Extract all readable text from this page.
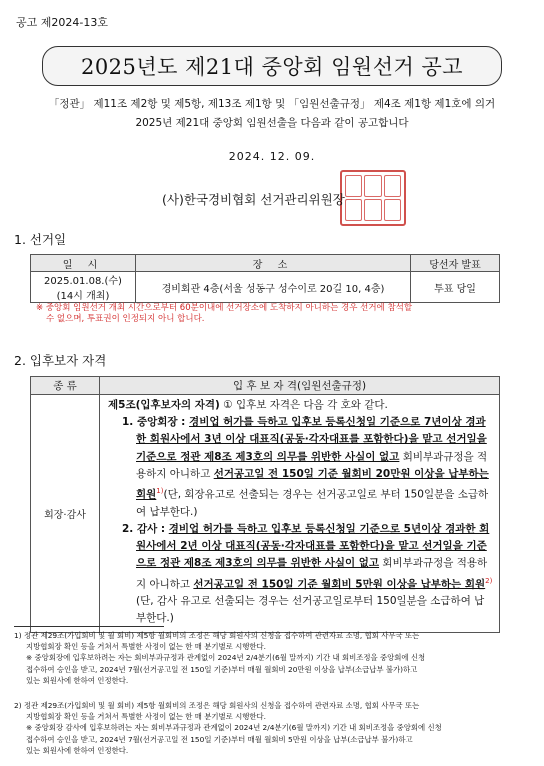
공고 제2024-13호
2025년도 제21대 중앙회 임원선거 공고
「정관」 제11조 제2항 및 제5항, 제13조 제1항 및 「임원선출규정」 제4조 제1항 제1호에 의거
2025년 제21대 중앙회 임원선출을 다음과 같이 공고합니다
2024. 12. 09.
(사)한국경비협회 선거관리위원장
1. 선거일
일 시	장 소	당선자 발표

2025.01.08.(수)
(14시 개최)	경비회관 4층(서울 성동구 성수이로 20길 10, 4층)	투표 당일
※ 중앙회 임원선거 개최 시간으로부터 60분이내에 선거장소에 도착하지 아니하는 경우 선거에 참석할
수 없으며, 투표권이 인정되지 아니 합니다.
2. 입후보자 자격
종 류	입 후 보 자 격(임원선출규정)
회장·감사	제5조(입후보자의 자격) ① 입후보 자격은 다음 각 호와 같다.
1. 중앙회장 : 경비업 허가를 득하고 입후보 등록신청일 기준으로 7년이상 경과한 회원사에서 3년 이상 대표직(공동·각자대표를 포함한다)을 맡고 선거일을 기준으로 정관 제8조 제3호의 의무를 위반한 사실이 없고 회비부과규정을 적용하지 아니하고 선거공고일 전 150일 기준 월회비 20만원 이상을 납부하는 회원$^{1)}$(단, 회장유고로 선출되는 경우는 선거공고일로 부터 150일분을 소급하여 납부한다.)
2. 감사 : 경비업 허가를 득하고 입후보 등록신청일 기준으로 5년이상 경과한 회원사에서 2년 이상 대표직(공동·각자대표를 포함한다)을 맡고 선거일을 기준으로 정관 제8조 제3호의 의무를 위반한 사실이 없고 회비부과규정을 적용하지 아니하고 선거공고일 전 150일 기준 월회비 5만원 이상을 납부하는 회원$^{2)}$(단, 감사 유고로 선출되는 경우는 선거공고일로부터 150일분을 소급하여 납부한다.)
1) 정관 제29조(가입회비 및 월 회비) 제5항 월회비의 조정은 해당 회원사의 신청을 접수하여 관련자료 소명, 협회 사무국 또는
지방협회장 확인 등을 거쳐서 특별한 사정이 없는 한 매 분기별로 시행한다.
※ 중앙회장에 입후보하려는 자는 회비부과규정과 관계없이 2024년 2/4분기(6월 말까지) 기간 내 회비조정을 중앙회에 신청
접수하여 승인을 받고, 2024년 7월(선거공고일 전 150일 기준)부터 매월 월회비 20만원 이상을 납부(소급납부 불가)하고
있는 회원사에 한하여 인정한다.
2) 정관 제29조(가입회비 및 월 회비) 제5항 월회비의 조정은 해당 회원사의 신청을 접수하여 관련자료 소명, 협회 사무국 또는
지방협회장 확인 등을 거쳐서 특별한 사정이 없는 한 매 분기별로 시행한다.
※ 중앙회장 감사에 입후보하려는 자는 회비부과규정과 관계없이 2024년 2/4분기(6월 말까지) 기간 내 회비조정을 중앙회에 신청
접수하여 승인을 받고, 2024년 7월(선거공고일 전 150일 기준)부터 매월 월회비 5만원 이상을 납부(소급납부 불가)하고
있는 회원사에 한하여 인정한다.
